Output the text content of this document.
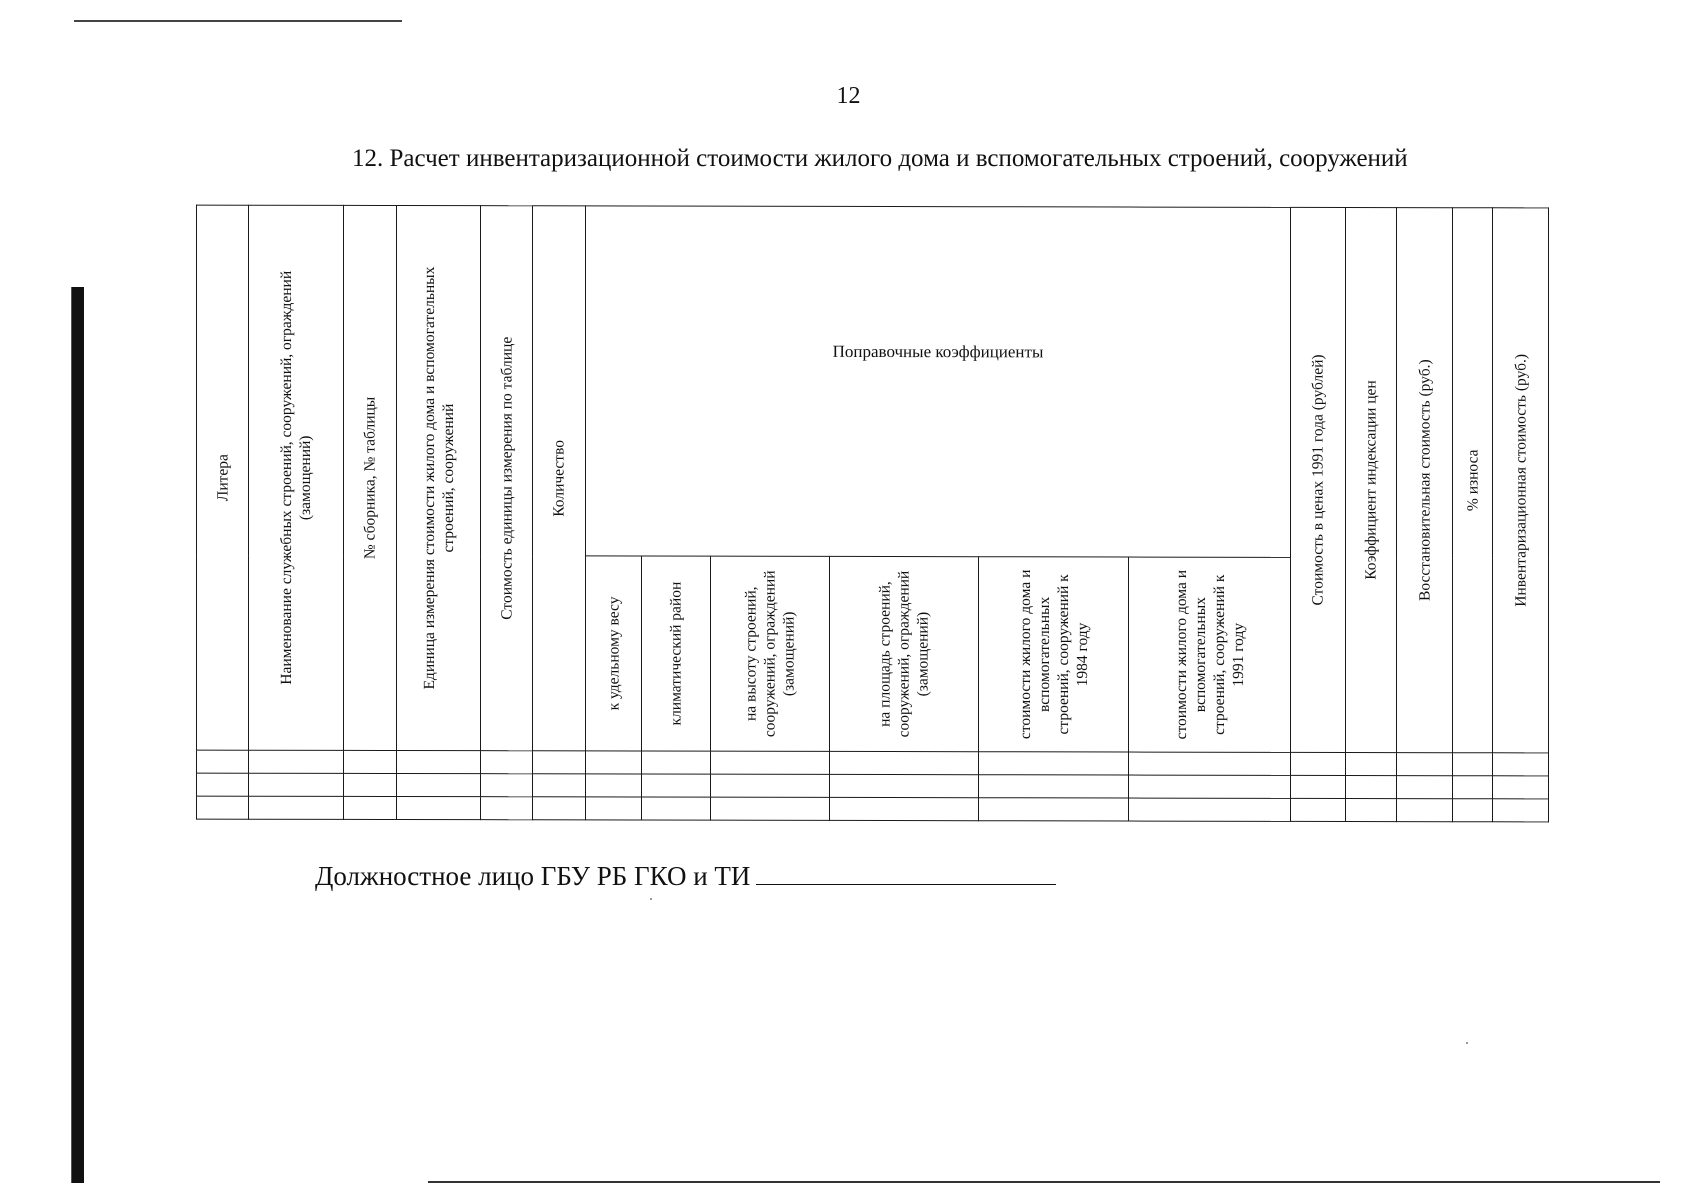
12
12. Расчет инвентаризационной стоимости жилого дома и вспомогательных строений, сооружений
Литера	Наименование служебных строений, сооружений, ограждений (замощений)	№ сборника, № таблицы	Единица измерения стоимости жилого дома и вспомогательных строений, сооружений	Стоимость единицы измерения по таблице	Количество	Поправочные коэффициенты						Стоимость в ценах 1991 года (рублей)	Коэффициент индексации цен	Восстановительная стоимость (руб.)	% износа	Инвентаризационная стоимость (руб.)

						к удельному весу	климатический район	на высоту строений, сооружений, ограждений (замощений)	на площадь строений, сооружений, ограждений (замощений)	стоимости жилого дома и вспомогательных строений, сооружений к 1984 году	стоимости жилого дома и вспомогательных строений, сооружений к 1991 году					

Должностное лицо ГБУ РБ ГКО и ТИ
